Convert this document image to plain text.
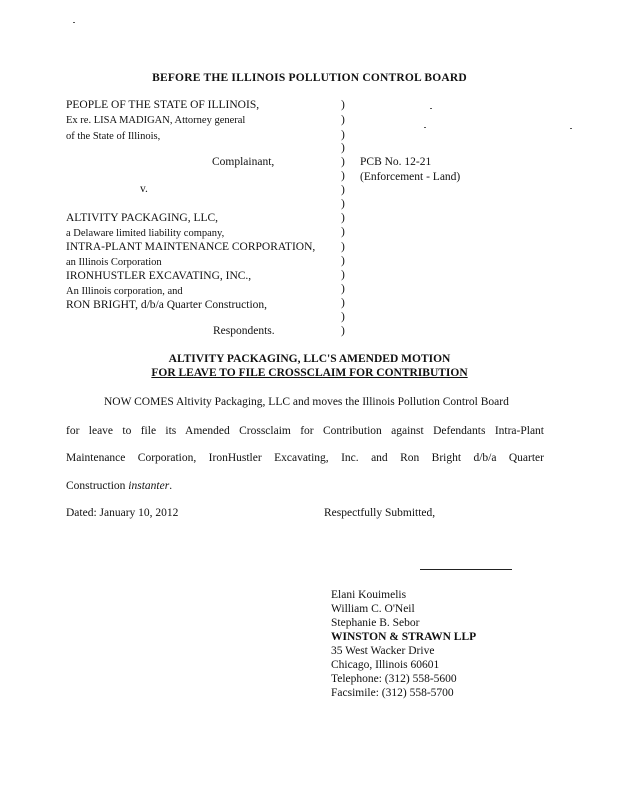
BEFORE THE ILLINOIS POLLUTION CONTROL BOARD
PEOPLE OF THE STATE OF ILLINOIS,
Ex re. LISA MADIGAN, Attorney general
of the State of Illinois,
Complainant,
v.
ALTIVITY PACKAGING, LLC,
a Delaware limited liability company,
INTRA-PLANT MAINTENANCE CORPORATION,
an Illinois Corporation
IRONHUSTLER EXCAVATING, INC.,
An Illinois corporation, and
RON BRIGHT, d/b/a Quarter Construction,
Respondents.
)
)
)
)
)
)
)
)
)
)
)
)
)
)
)
)
)
PCB No. 12-21
(Enforcement - Land)
ALTIVITY PACKAGING, LLC'S AMENDED MOTION
FOR LEAVE TO FILE CROSSCLAIM FOR CONTRIBUTION
NOW COMES Altivity Packaging, LLC and moves the Illinois Pollution Control Board
for leave to file its Amended Crossclaim for Contribution against Defendants Intra-Plant
Maintenance Corporation, IronHustler Excavating, Inc. and Ron Bright d/b/a Quarter
Construction instanter.
Dated: January 10, 2012	Respectfully Submitted,
Elani Kouimelis
William C. O'Neil
Stephanie B. Sebor
WINSTON & STRAWN LLP
35 West Wacker Drive
Chicago, Illinois 60601
Telephone: (312) 558-5600
Facsimile: (312) 558-5700
